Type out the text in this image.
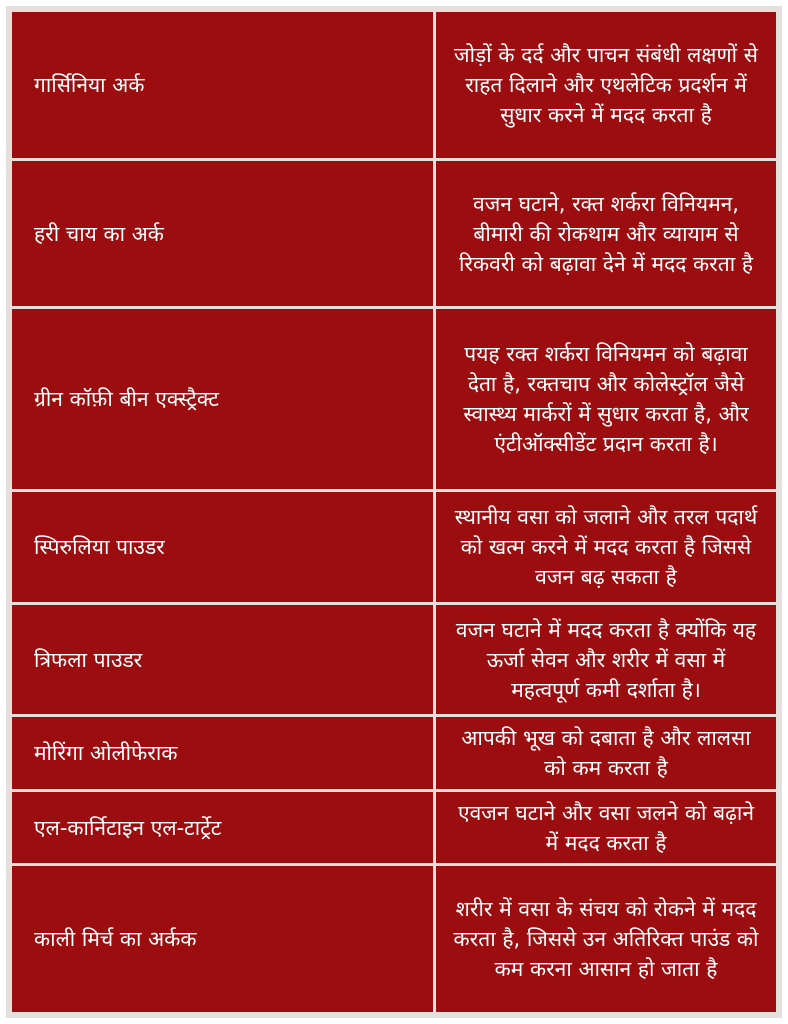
गार्सिनिया अर्क	जोड़ों के दर्द और पाचन संबंधी लक्षणों से राहत दिलाने और एथलेटिक प्रदर्शन में सुधार करने में मदद करता है
हरी चाय का अर्क	वजन घटाने, रक्त शर्करा विनियमन, बीमारी की रोकथाम और व्यायाम से रिकवरी को बढ़ावा देने में मदद करता है
ग्रीन कॉफ़ी बीन एक्स्ट्रैक्ट	पयह रक्त शर्करा विनियमन को बढ़ावा देता है, रक्तचाप और कोलेस्ट्रॉल जैसे स्वास्थ्य मार्करों में सुधार करता है, और एंटीऑक्सीडेंट प्रदान करता है।
स्पिरुलिया पाउडर	स्थानीय वसा को जलाने और तरल पदार्थ को खत्म करने में मदद करता है जिससे वजन बढ़ सकता है
त्रिफला पाउडर	वजन घटाने में मदद करता है क्योंकि यह ऊर्जा सेवन और शरीर में वसा में महत्वपूर्ण कमी दर्शाता है।
मोरिंगा ओलीफेराक	आपकी भूख को दबाता है और लालसा को कम करता है
एल-कार्निटाइन एल-टार्ट्रेट	एवजन घटाने और वसा जलने को बढ़ाने में मदद करता है
काली मिर्च का अर्कक	शरीर में वसा के संचय को रोकने में मदद करता है, जिससे उन अतिरिक्त पाउंड को कम करना आसान हो जाता है
